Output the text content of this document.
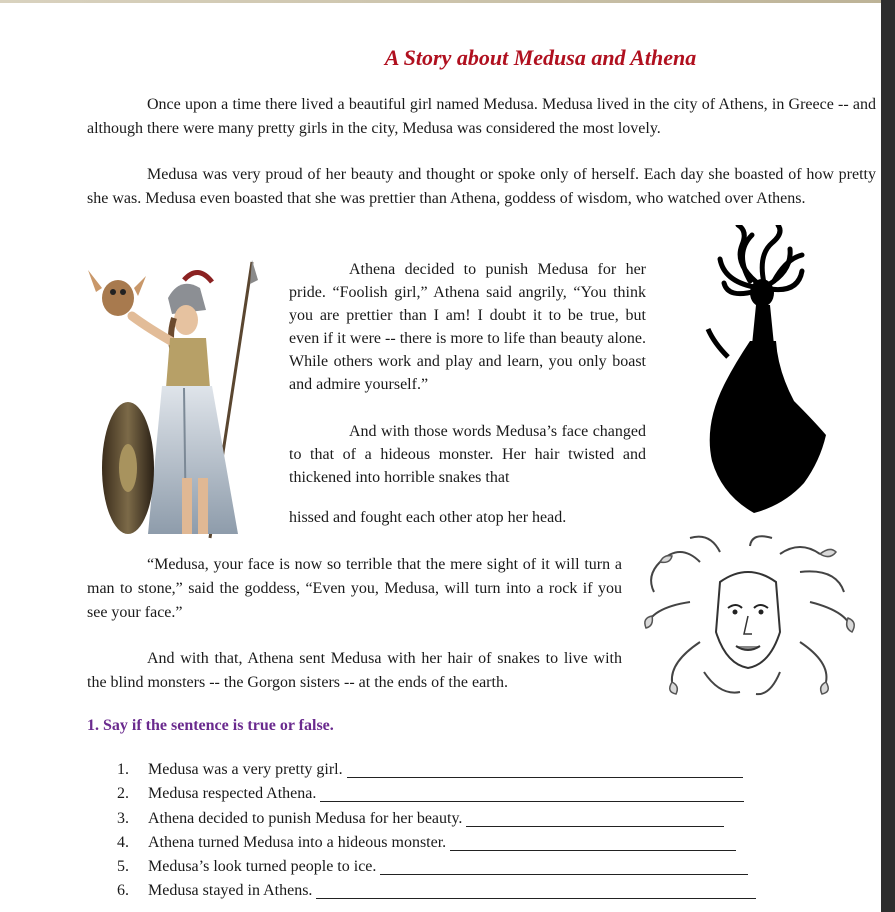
A Story about Medusa and Athena

Once upon a time there lived a beautiful girl named Medusa. Medusa lived in the city of Athens, in Greece -- and although there were many pretty girls in the city, Medusa was considered the most lovely.

Medusa was very proud of her beauty and thought or spoke only of herself. Each day she boasted of how pretty she was. Medusa even boasted that she was prettier than Athena, goddess of wisdom, who watched over Athens.

Athena decided to punish Medusa for her pride. “Foolish girl,” Athena said angrily, “You think you are prettier than I am! I doubt it to be true, but even if it were -- there is more to life than beauty alone. While others work and play and learn, you only boast and admire yourself.”

And with those words Medusa’s face changed to that of a hideous monster. Her hair twisted and thickened into horrible snakes that

hissed and fought each other atop her head.

“Medusa, your face is now so terrible that the mere sight of it will turn a man to stone,” said the goddess, “Even you, Medusa, will turn into a rock if you see your face.”

And with that, Athena sent Medusa with her hair of snakes to live with the blind monsters -- the Gorgon sisters -- at the ends of the earth.

1. Say if the sentence is true or false.
1.	Medusa was a very pretty girl.
2.	Medusa respected Athena.
3.	Athena decided to punish Medusa for her beauty.
4.	Athena turned Medusa into a hideous monster.
5.	Medusa’s look turned people to ice.
6.	Medusa stayed in Athens.
